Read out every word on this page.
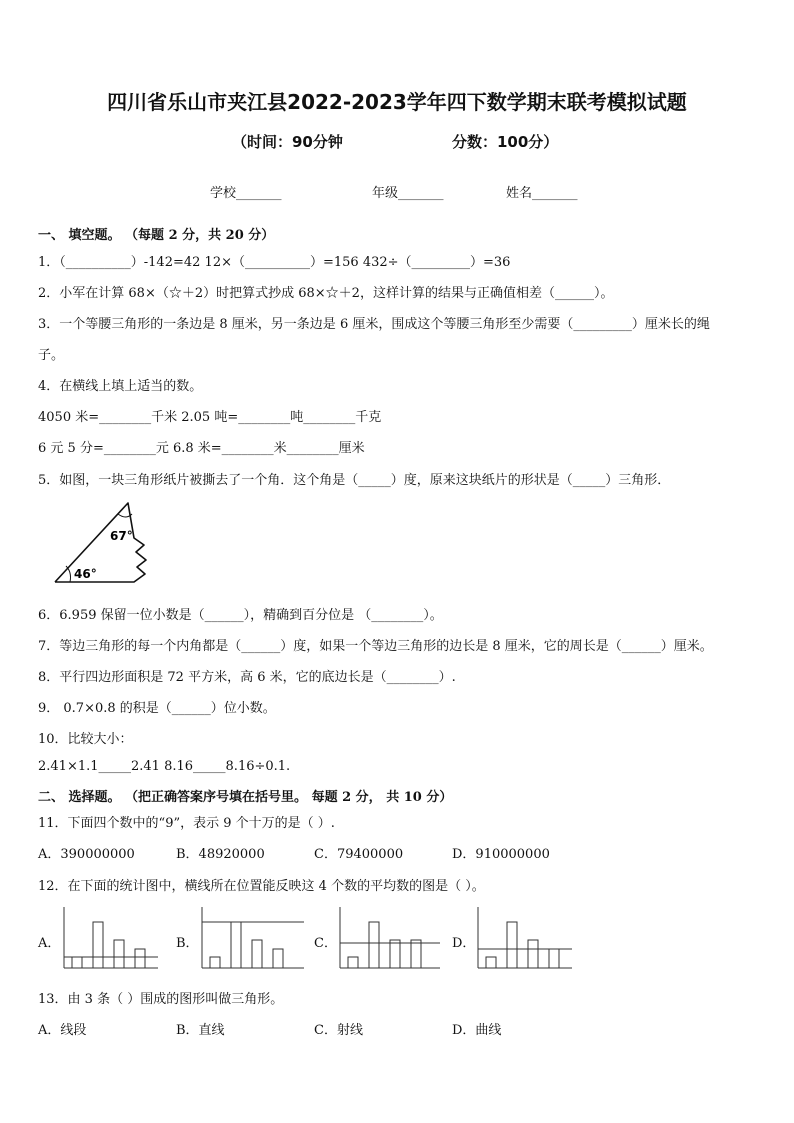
四川省乐山市夹江县2022-2023学年四下数学期末联考模拟试题
（时间：90分钟	分数：100分）
学校_______	年级_______	姓名_______
一、 填空题。 （每题 2 分，共 20 分）
1．（__________）-142=42 12×（__________）=156 432÷（_________）=36
2．小军在计算 68×（☆＋2）时把算式抄成 68×☆＋2，这样计算的结果与正确值相差（______）。
3．一个等腰三角形的一条边是 8 厘米，另一条边是 6 厘米，围成这个等腰三角形至少需要（_________）厘米长的绳
子。
4．在横线上填上适当的数。
4050 米=________千米 2.05 吨=________吨________千克
6 元 5 分=________元 6.8 米=________米________厘米
5．如图，一块三角形纸片被撕去了一个角．这个角是（_____）度，原来这块纸片的形状是（_____）三角形．
67°
46°
6．6.959 保留一位小数是（______），精确到百分位是 （________）。
7．等边三角形的每一个内角都是（______）度，如果一个等边三角形的边长是 8 厘米，它的周长是（______）厘米。
8．平行四边形面积是 72 平方米，高 6 米，它的底边长是（________）.
9． 0.7×0.8 的积是（______）位小数。
10．比较大小：
2.41×1.1_____2.41 8.16_____8.16÷0.1.
二、 选择题。 （把正确答案序号填在括号里。 每题 2 分， 共 10 分）
11．下面四个数中的“9”，表示 9 个十万的是（ ）.
A．390000000	B．48920000	C．79400000	D．910000000
12．在下面的统计图中，横线所在位置能反映这 4 个数的平均数的图是（ ）。
A．	B．	C．	D．
13．由 3 条（ ）围成的图形叫做三角形。
A．线段	B．直线	C．射线	D．曲线
